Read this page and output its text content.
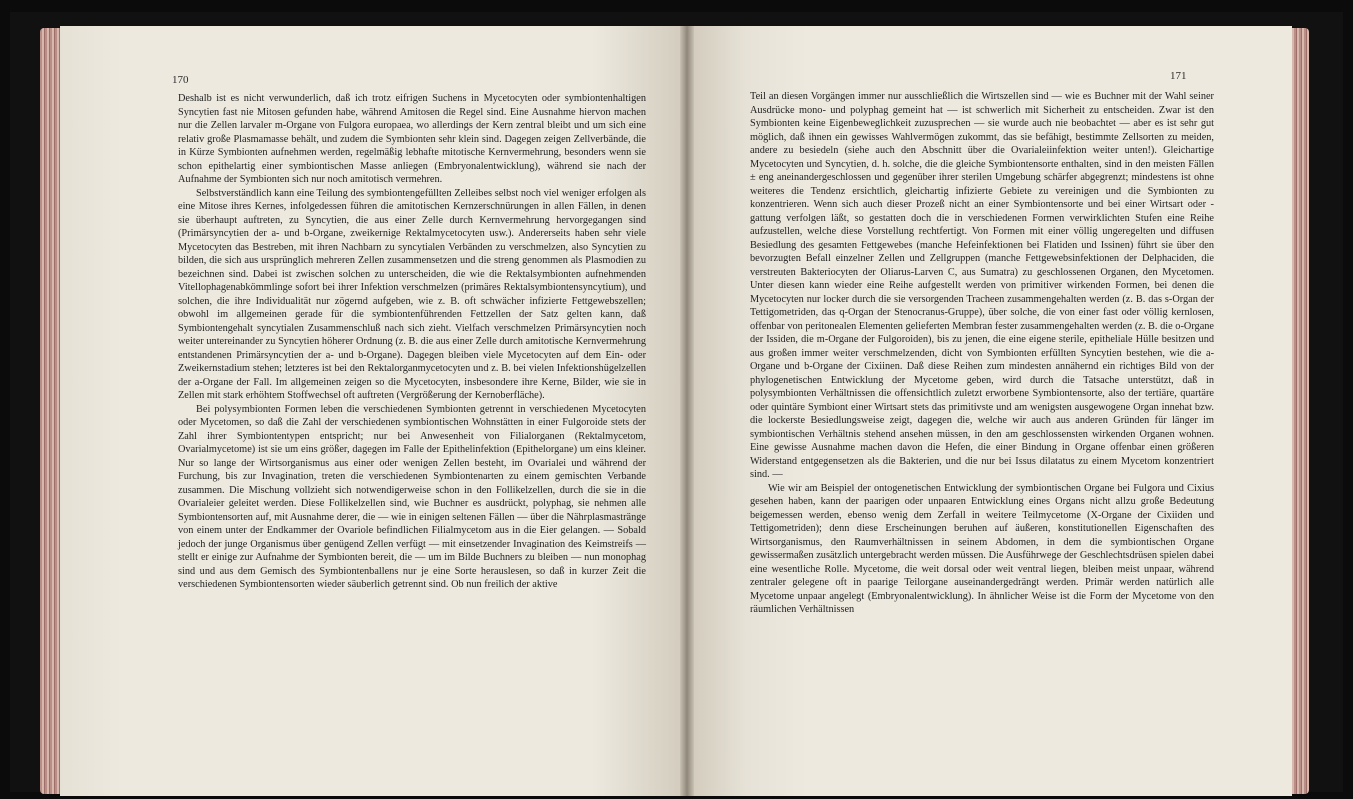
170

Deshalb ist es nicht verwunderlich, daß ich trotz eifrigen Suchens in Mycetocyten oder symbiontenhaltigen Syncytien fast nie Mitosen gefunden habe, während Amitosen die Regel sind. Eine Ausnahme hiervon machen nur die Zellen larvaler m-Organe von Fulgora europaea, wo allerdings der Kern zentral bleibt und um sich eine relativ große Plasmamasse behält, und zudem die Symbionten sehr klein sind. Dagegen zeigen Zellverbände, die in Kürze Symbionten aufnehmen werden, regelmäßig lebhafte mitotische Kernvermehrung, besonders wenn sie schon epithelartig einer symbiontischen Masse anliegen (Embryonalentwicklung), während sie nach der Aufnahme der Symbionten sich nur noch amitotisch vermehren.

Selbstverständlich kann eine Teilung des symbiontengefüllten Zelleibes selbst noch viel weniger erfolgen als eine Mitose ihres Kernes, infolgedessen führen die amitotischen Kernzerschnürungen in allen Fällen, in denen sie überhaupt auftreten, zu Syncytien, die aus einer Zelle durch Kernvermehrung hervorgegangen sind (Primärsyncytien der a- und b-Organe, zweikernige Rektalmycetocyten usw.). Andererseits haben sehr viele Mycetocyten das Bestreben, mit ihren Nachbarn zu syncytialen Verbänden zu verschmelzen, also Syncytien zu bilden, die sich aus ursprünglich mehreren Zellen zusammensetzen und die streng genommen als Plasmodien zu bezeichnen sind. Dabei ist zwischen solchen zu unterscheiden, die wie die Rektalsymbionten aufnehmenden Vitellophagenabkömmlinge sofort bei ihrer Infektion verschmelzen (primäres Rektalsymbiontensyncytium), und solchen, die ihre Individualität nur zögernd aufgeben, wie z. B. oft schwächer infizierte Fettgewebszellen; obwohl im allgemeinen gerade für die symbiontenführenden Fettzellen der Satz gelten kann, daß Symbiontengehalt syncytialen Zusammenschluß nach sich zieht. Vielfach verschmelzen Primärsyncytien noch weiter untereinander zu Syncytien höherer Ordnung (z. B. die aus einer Zelle durch amitotische Kernvermehrung entstandenen Primärsyncytien der a- und b-Organe). Dagegen bleiben viele Mycetocyten auf dem Ein- oder Zweikernstadium stehen; letzteres ist bei den Rektalorganmycetocyten und z. B. bei vielen Infektionshügelzellen der a-Organe der Fall. Im allgemeinen zeigen so die Mycetocyten, insbesondere ihre Kerne, Bilder, wie sie in Zellen mit stark erhöhtem Stoffwechsel oft auftreten (Vergrößerung der Kernoberfläche).

Bei polysymbionten Formen leben die verschiedenen Symbionten getrennt in verschiedenen Mycetocyten oder Mycetomen, so daß die Zahl der verschiedenen symbiontischen Wohnstätten in einer Fulgoroide stets der Zahl ihrer Symbiontentypen entspricht; nur bei Anwesenheit von Filialorganen (Rektalmycetom, Ovarialmycetome) ist sie um eins größer, dagegen im Falle der Epithelinfektion (Epithelorgane) um eins kleiner. Nur so lange der Wirtsorganismus aus einer oder wenigen Zellen besteht, im Ovarialei und während der Furchung, bis zur Invagination, treten die verschiedenen Symbiontenarten zu einem gemischten Verbande zusammen. Die Mischung vollzieht sich notwendigerweise schon in den Follikelzellen, durch die sie in die Ovarialeier geleitet werden. Diese Follikelzellen sind, wie Buchner es ausdrückt, polyphag, sie nehmen alle Symbiontensorten auf, mit Ausnahme derer, die — wie in einigen seltenen Fällen — über die Nährplasmastränge von einem unter der Endkammer der Ovariole befindlichen Filialmycetom aus in die Eier gelangen. — Sobald jedoch der junge Organismus über genügend Zellen verfügt — mit einsetzender Invagination des Keimstreifs — stellt er einige zur Aufnahme der Symbionten bereit, die — um im Bilde Buchners zu bleiben — nun monophag sind und aus dem Gemisch des Symbiontenballens nur je eine Sorte herauslesen, so daß in kurzer Zeit die verschiedenen Symbiontensorten wieder säuberlich getrennt sind. Ob nun freilich der aktive

171

Teil an diesen Vorgängen immer nur ausschließlich die Wirtszellen sind — wie es Buchner mit der Wahl seiner Ausdrücke mono- und polyphag gemeint hat — ist schwerlich mit Sicherheit zu entscheiden. Zwar ist den Symbionten keine Eigenbeweglichkeit zuzusprechen — sie wurde auch nie beobachtet — aber es ist sehr gut möglich, daß ihnen ein gewisses Wahlvermögen zukommt, das sie befähigt, bestimmte Zellsorten zu meiden, andere zu besiedeln (siehe auch den Abschnitt über die Ovarialeiinfektion weiter unten!). Gleichartige Mycetocyten und Syncytien, d. h. solche, die die gleiche Symbiontensorte enthalten, sind in den meisten Fällen ± eng aneinandergeschlossen und gegenüber ihrer sterilen Umgebung schärfer abgegrenzt; mindestens ist ohne weiteres die Tendenz ersichtlich, gleichartig infizierte Gebiete zu vereinigen und die Symbionten zu konzentrieren. Wenn sich auch dieser Prozeß nicht an einer Symbiontensorte und bei einer Wirtsart oder -gattung verfolgen läßt, so gestatten doch die in verschiedenen Formen verwirklichten Stufen eine Reihe aufzustellen, welche diese Vorstellung rechtfertigt. Von Formen mit einer völlig ungeregelten und diffusen Besiedlung des gesamten Fettgewebes (manche Hefeinfektionen bei Flatiden und Issinen) führt sie über den bevorzugten Befall einzelner Zellen und Zellgruppen (manche Fettgewebsinfektionen der Delphaciden, die verstreuten Bakteriocyten der Oliarus-Larven C, aus Sumatra) zu geschlossenen Organen, den Mycetomen. Unter diesen kann wieder eine Reihe aufgestellt werden von primitiver wirkenden Formen, bei denen die Mycetocyten nur locker durch die sie versorgenden Tracheen zusammengehalten werden (z. B. das s-Organ der Tettigometriden, das q-Organ der Stenocranus-Gruppe), über solche, die von einer fast oder völlig kernlosen, offenbar von peritonealen Elementen gelieferten Membran fester zusammengehalten werden (z. B. die o-Organe der Issiden, die m-Organe der Fulgoroiden), bis zu jenen, die eine eigene sterile, epitheliale Hülle besitzen und aus großen immer weiter verschmelzenden, dicht von Symbionten erfüllten Syncytien bestehen, wie die a-Organe und b-Organe der Cixiinen. Daß diese Reihen zum mindesten annähernd ein richtiges Bild von der phylogenetischen Entwicklung der Mycetome geben, wird durch die Tatsache unterstützt, daß in polysymbionten Verhältnissen die offensichtlich zuletzt erworbene Symbiontensorte, also der tertiäre, quartäre oder quintäre Symbiont einer Wirtsart stets das primitivste und am wenigsten ausgewogene Organ innehat bzw. die lockerste Besiedlungsweise zeigt, dagegen die, welche wir auch aus anderen Gründen für länger im symbiontischen Verhältnis stehend ansehen müssen, in den am geschlossensten wirkenden Organen wohnen. Eine gewisse Ausnahme machen davon die Hefen, die einer Bindung in Organe offenbar einen größeren Widerstand entgegensetzen als die Bakterien, und die nur bei Issus dilatatus zu einem Mycetom konzentriert sind. —

Wie wir am Beispiel der ontogenetischen Entwicklung der symbiontischen Organe bei Fulgora und Cixius gesehen haben, kann der paarigen oder unpaaren Entwicklung eines Organs nicht allzu große Bedeutung beigemessen werden, ebenso wenig dem Zerfall in weitere Teilmycetome (X-Organe der Cixiiden und Tettigometriden); denn diese Erscheinungen beruhen auf äußeren, konstitutionellen Eigenschaften des Wirtsorganismus, den Raumverhältnissen in seinem Abdomen, in dem die symbiontischen Organe gewissermaßen zusätzlich untergebracht werden müssen. Die Ausführwege der Geschlechtsdrüsen spielen dabei eine wesentliche Rolle. Mycetome, die weit dorsal oder weit ventral liegen, bleiben meist unpaar, während zentraler gelegene oft in paarige Teilorgane auseinandergedrängt werden. Primär werden natürlich alle Mycetome unpaar angelegt (Embryonalentwicklung). In ähnlicher Weise ist die Form der Mycetome von den räumlichen Verhältnissen
